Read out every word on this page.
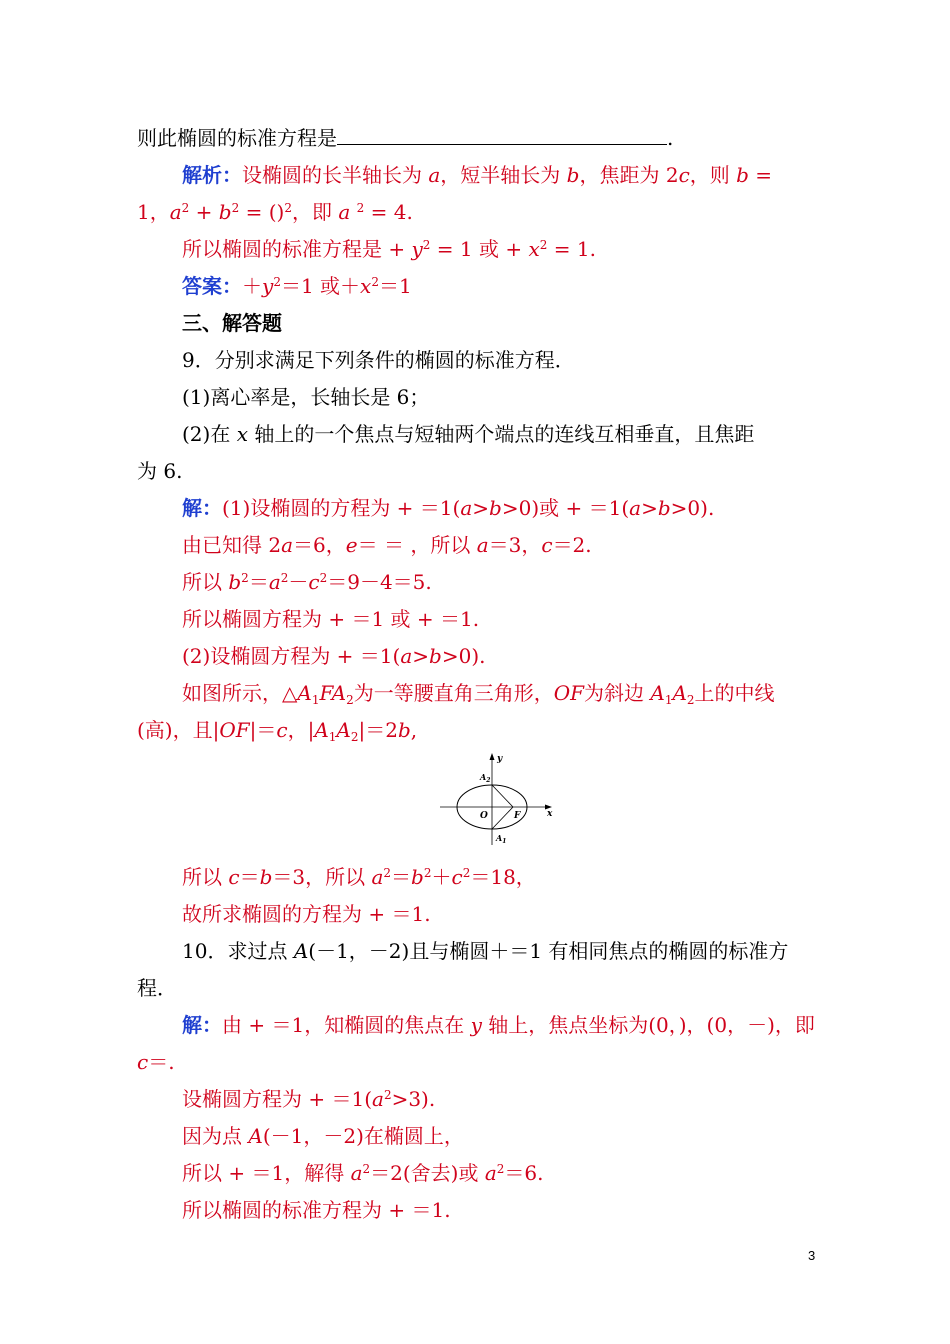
则此椭圆的标准方程是	.
解析：设椭圆的长半轴长为 a，短半轴长为 b，焦距为 2c，则 b =
1，$a^2 + b^2 = ()^2$，即 a $^2$ = 4.
所以椭圆的标准方程是 + $y^2 = 1$ 或 + $x^2 = 1$.
答案：$+y^2=1$ 或$+x^2=1$
三、解答题
9．分别求满足下列条件的椭圆的标准方程．
(1)离心率是，长轴长是 6；
(2)在 x 轴上的一个焦点与短轴两个端点的连线互相垂直，且焦距
为 6.
解：(1)设椭圆的方程为 + ＝1(a>b>0)或 + ＝1(a>b>0).
由已知得 2a＝6，e＝ ＝ ，所以 a＝3，c＝2.
所以 $b^2=a^2-c^2=9-4=5$.
所以椭圆方程为 + ＝1 或 + ＝1.
(2)设椭圆方程为 + ＝1(a>b>0).
如图所示，$\triangle A_1FA_2$为一等腰直角三角形，OF为斜边 $A_1A_2$上的中线
(高)，且|OF|＝c，$|A_1A_2|=2b$,
y
x
O	F
$A_2$
$A_1$
所以 c＝b＝3，所以 $a^2=b^2+c^2=18$，
故所求椭圆的方程为 + ＝1.
10．求过点 A(－1，－2)且与椭圆＋＝1 有相同焦点的椭圆的标准方
程．
解：由 + ＝1，知椭圆的焦点在 y 轴上，焦点坐标为(0，)，(0，－)，即
c＝.
设椭圆方程为 + $=1(a^2>3)$.
因为点 A(－1，－2)在椭圆上，
所以 + ＝1，解得 $a^2=2$(舍去)或 $a^2=6$.
所以椭圆的标准方程为 + ＝1.
3
